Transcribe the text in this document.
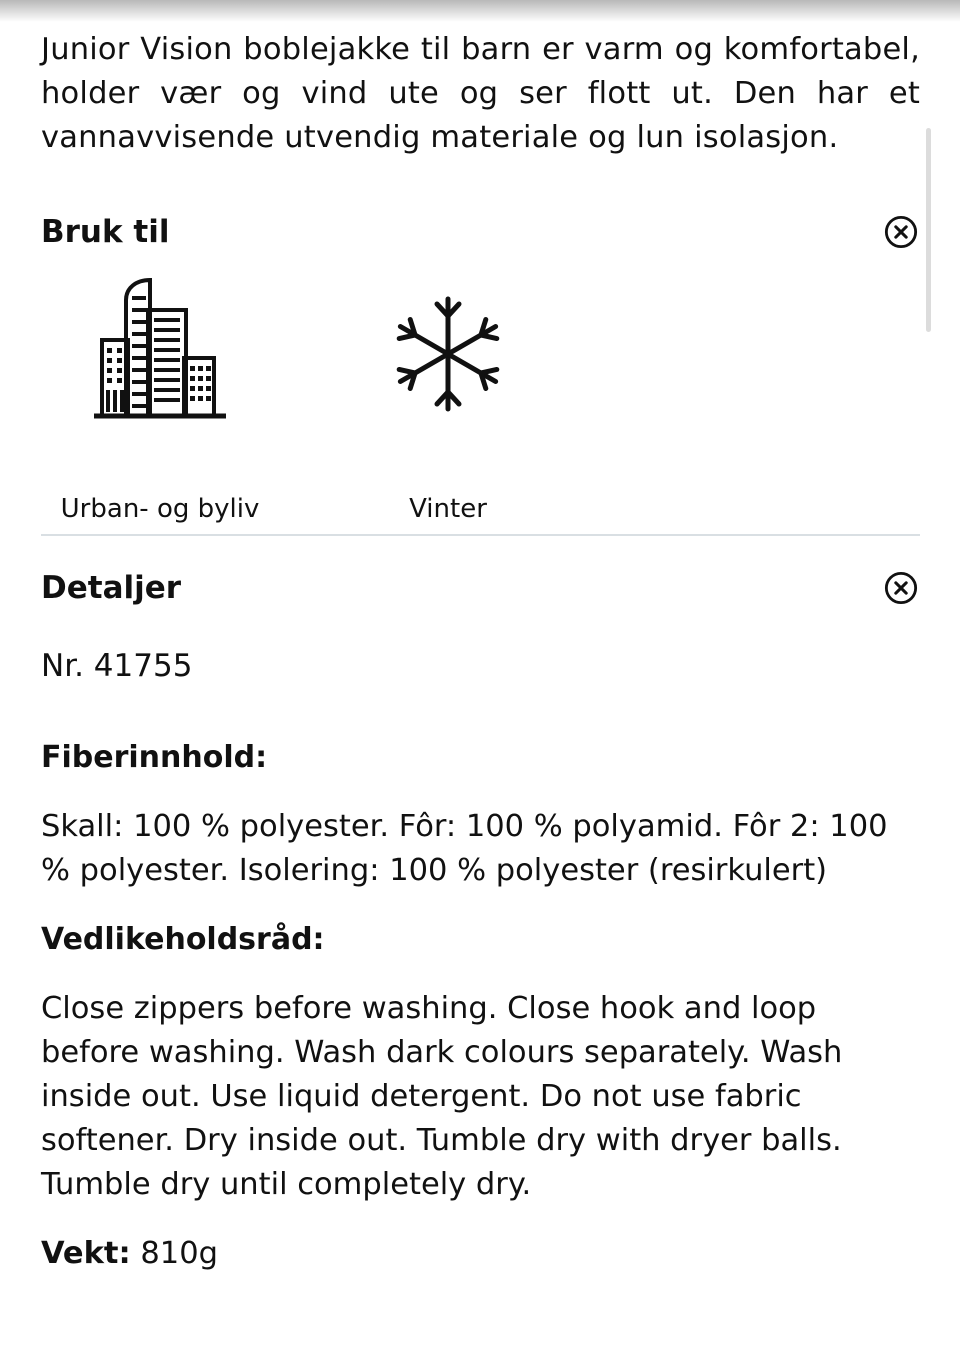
Junior Vision boblejakke til barn er varm og komfortabel, holder vær og vind ute og ser flott ut. Den har et vannavvisende utvendig materiale og lun isolasjon.

Bruk til
Urban- og byliv	Vinter
Detaljer
Nr. 41755
Fiberinnhold:

Skall: 100 % polyester. Fôr: 100 % polyamid. Fôr 2: 100 % polyester. Isolering: 100 % polyester (resirkulert)

Vedlikeholdsråd:

Close zippers before washing. Close hook and loop before washing. Wash dark colours separately. Wash inside out. Use liquid detergent. Do not use fabric softener. Dry inside out. Tumble dry with dryer balls. Tumble dry until completely dry.

Vekt: 810g
